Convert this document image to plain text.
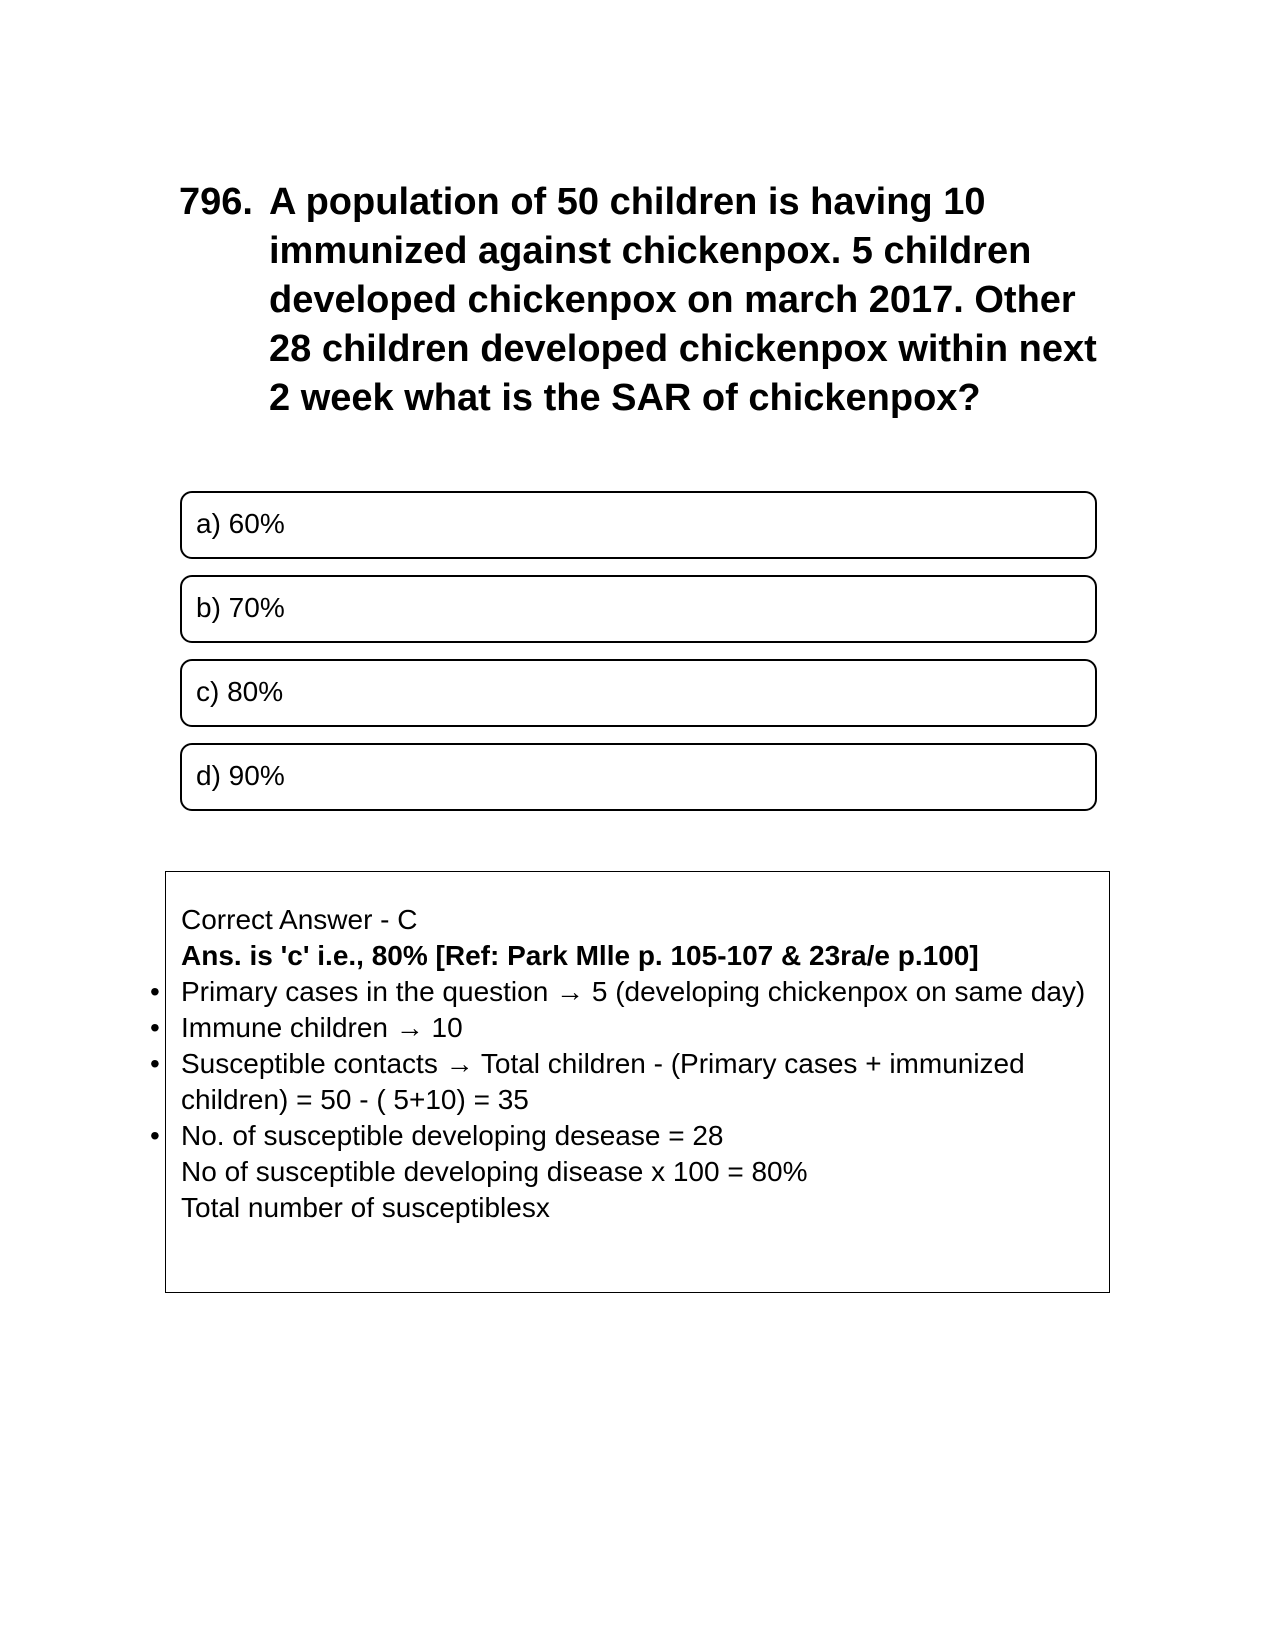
796. A population of 50 children is having 10 immunized against chickenpox. 5 children developed chickenpox on march 2017. Other 28 children developed chickenpox within next 2 week what is the SAR of chickenpox?
a) 60%
b) 70%
c) 80%
d) 90%
Correct Answer - C
Ans. is 'c' i.e., 80% [Ref: Park Mlle p. 105-107 & 23ra/e p.100]
• Primary cases in the question → 5 (developing chickenpox on same day)
• Immune children → 10
• Susceptible contacts → Total children - (Primary cases + immunized children) = 50 - ( 5+10) = 35
• No. of susceptible developing desease = 28
No of susceptible developing disease x 100 = 80%
Total number of susceptiblesx
